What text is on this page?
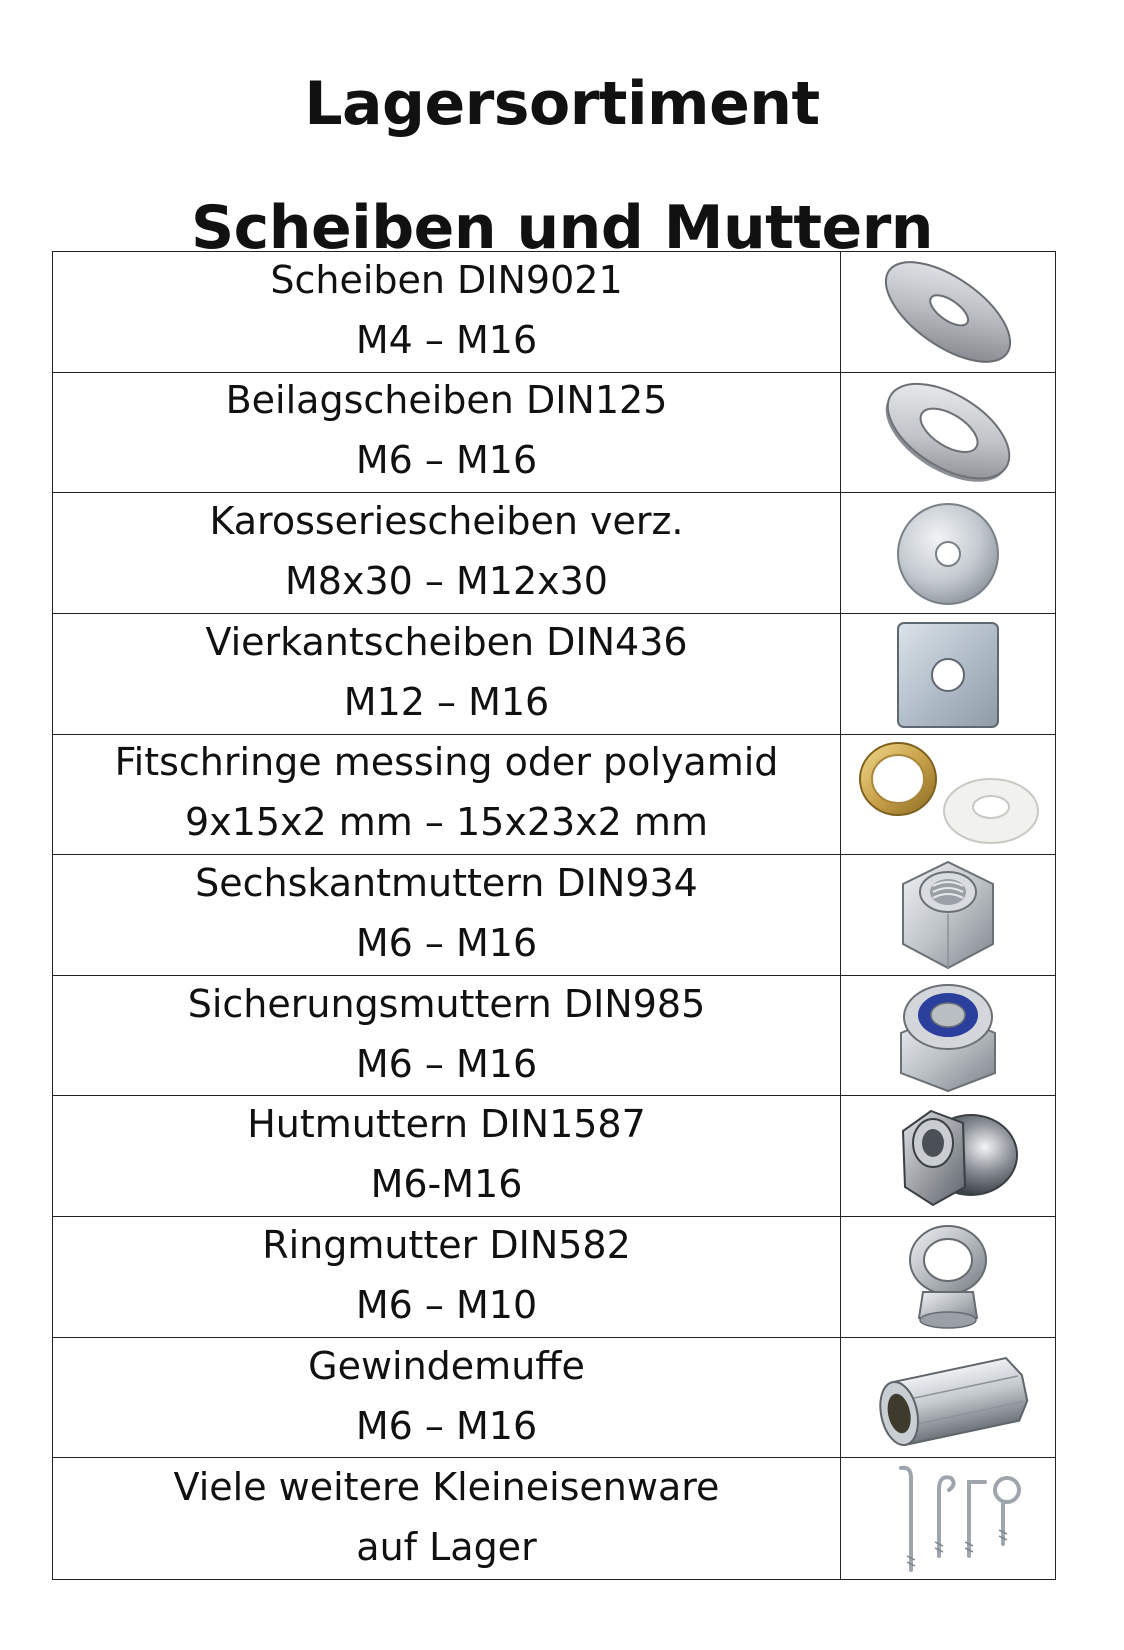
Lagersortiment
Scheiben und Muttern
Scheiben DIN9021
M4 – M16
Beilagscheiben DIN125
M6 – M16
Karosseriescheiben verz.
M8x30 – M12x30
Vierkantscheiben DIN436
M12 – M16
Fitschringe messing oder polyamid
9x15x2 mm – 15x23x2 mm
Sechskantmuttern DIN934
M6 – M16
Sicherungsmuttern DIN985
M6 – M16
Hutmuttern DIN1587
M6-M16
Ringmutter DIN582
M6 – M10
Gewindemuffe
M6 – M16
Viele weitere Kleineisenware
auf Lager
